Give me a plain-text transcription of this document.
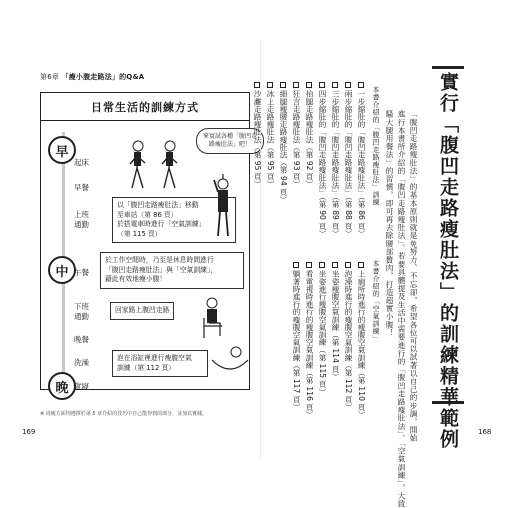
第6章 「瘦小腹走路法」的Q&A
日常生活的訓練方式
早
中
晚
起床
早餐
上班
通勤
午餐
下班
通勤
晚餐
洗澡
就寢
來實試各種「腹凹走
路瘦肚法」吧！
以「腹凹走路瘦肚法」移動
至車站（第 86 頁）
於搭電車時進行「空氣訓練」
（第 115 頁）
於工作空閒時，乃至是休息時間進行
「腹凹走路瘦肚法」與「空氣訓練」，
藉此有效地瘦小腹！
回家路上腹凹走路
泡在浴缸裡進行瘦腹空氣
訓練（第 112 頁）
※ 周瘦方面則遵擇於第 5 章介紹的技巧中自己能得到的部分，並加以實踐。
169	實行「腹凹走路瘦肚法」的訓練精華範例
「腹凹走路瘦肚法」的基本原則就是免努力、不忘卻，希望各位可以試著以自己的步調，開始
進行本書所介紹的「腹凹走路瘦肚法」。若要具體提及生活中需要進行的「腹凹走路瘦肚法」、「空氣訓練」，大致
騷大腿用餐法」的習慣，即可再去除腰部贅肉，打造超實小腹！
本書介紹的「腹凹走路瘦肚法」訓練
一步縮肚的「腹凹走路瘦肚法」（第 86 頁）
兩步縮肚的「腹凹走路瘦肚法」（第 88 頁）
三步縮肚的「腹凹走路瘦肚法」（第 89 頁）
四步縮肚的「腹凹走路瘦肚法」（第 90 頁）
抬腿走路瘦肚法（第 92 頁）
狂言走路瘦肚法（第 93 頁）
細腿瘦腰走路瘦肚法（第 94 頁）
冰上走路瘦肚法（第 95 頁）
沙灘走路瘦肚法（第 95 頁）
本書介紹的「空氣訓練」
上廁所時進行的瘦腹空氣訓練（第 110 頁）
泡澡時進行的瘦腹空氣訓練（第 112 頁）
坐姿瘦腹空氣訓練（第 114 頁）
坐姿進行瘦腹空氣訓練（第 115 頁）
看電視時進行的瘦腹空氣訓練（第 116 頁）
躺著時進行的瘦腹空氣訓練（第 117 頁）
168
